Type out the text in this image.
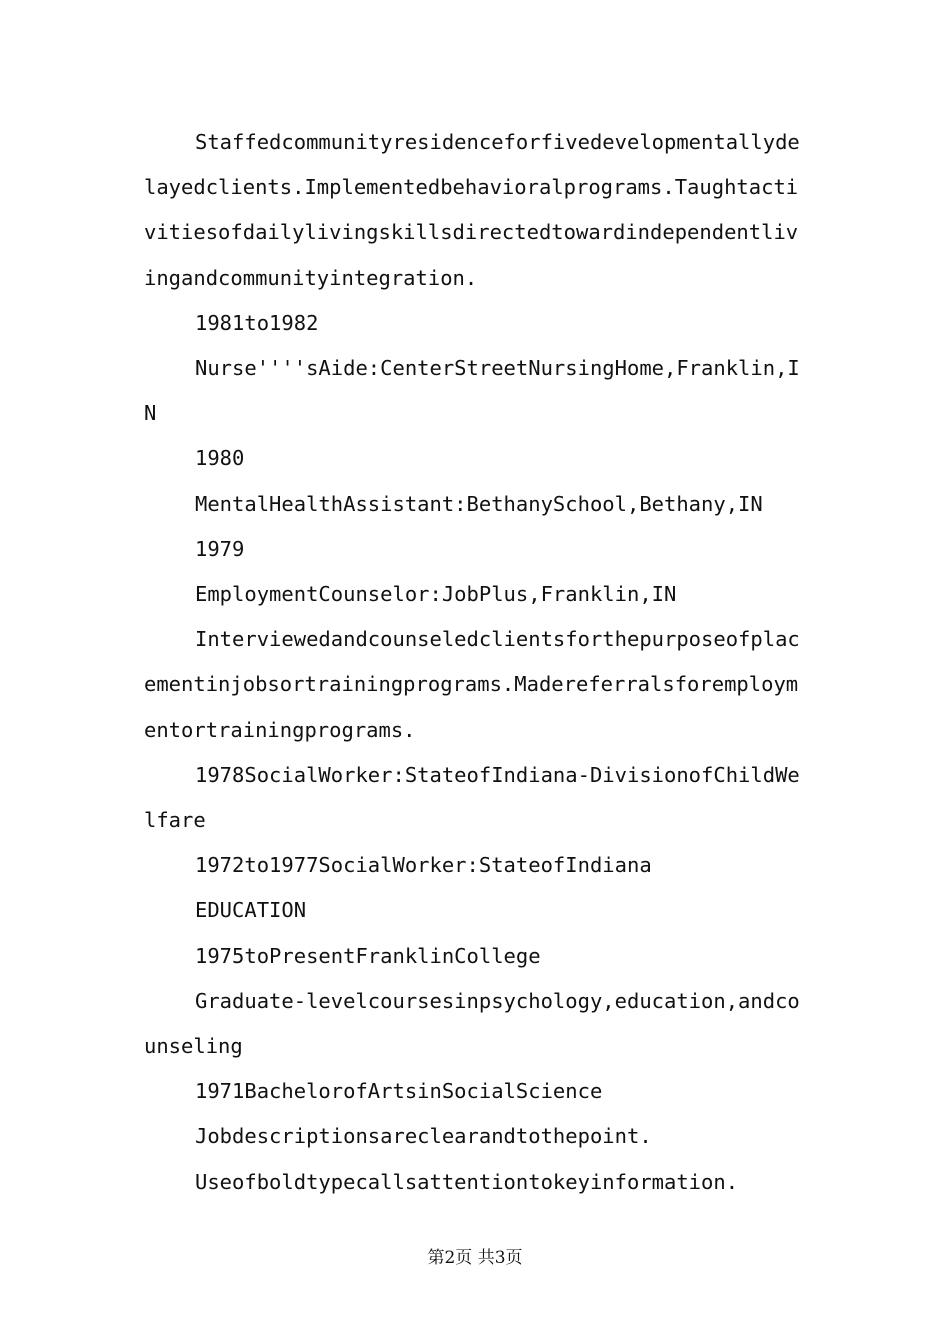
Staffedcommunityresidenceforfivedevelopmentallydelayedclients.Implementedbehavioralprograms.Taughtactivitiesofdailylivingskillsdirectedtowardindependentlivingandcommunityintegration.

1981to1982

Nurse''''sAide:CenterStreetNursingHome,Franklin,IN

1980

MentalHealthAssistant:BethanySchool,Bethany,IN

1979

EmploymentCounselor:JobPlus,Franklin,IN

Interviewedandcounseledclientsforthepurposeofplacementinjobsortrainingprograms.Madereferralsforemploymentortrainingprograms.

1978SocialWorker:StateofIndiana-DivisionofChildWelfare

1972to1977SocialWorker:StateofIndiana

EDUCATION

1975toPresentFranklinCollege

Graduate-levelcoursesinpsychology,education,andcounseling

1971BachelorofArtsinSocialScience

Jobdescriptionsareclearandtothepoint.

Useofboldtypecallsattentiontokeyinformation.

第2页 共3页
